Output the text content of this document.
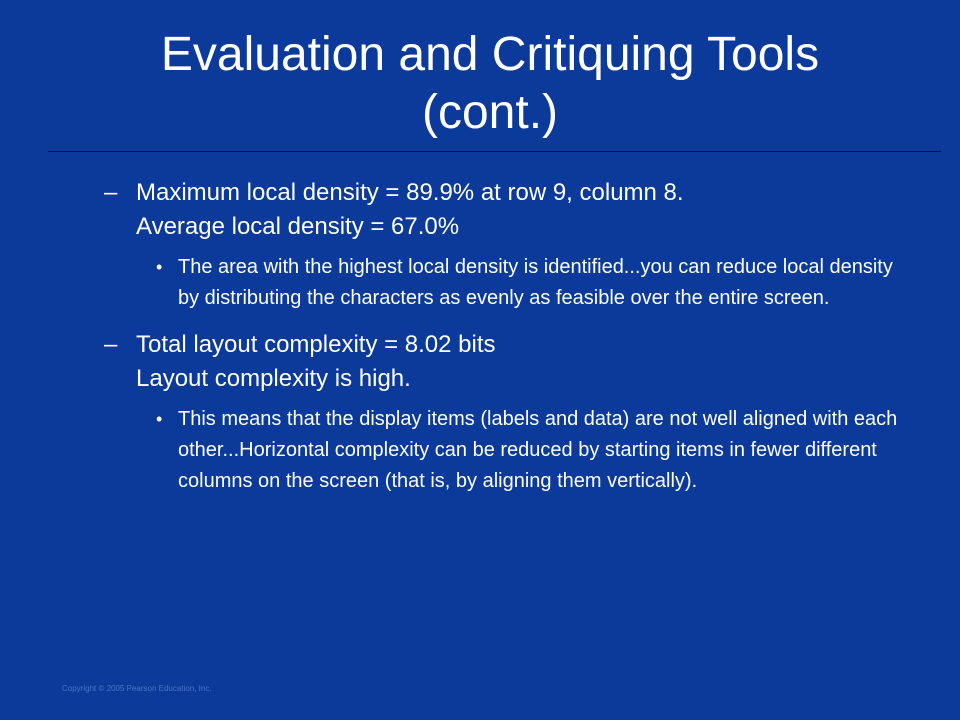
Evaluation and Critiquing Tools
(cont.)
– Maximum local density = 89.9% at row 9, column 8.
Average local density = 67.0%
• The area with the highest local density is identified...you can reduce local density by distributing the characters as evenly as feasible over the entire screen.
– Total layout complexity = 8.02 bits
Layout complexity is high.
• This means that the display items (labels and data) are not well aligned with each other...Horizontal complexity can be reduced by starting items in fewer different columns on the screen (that is, by aligning them vertically).
Copyright © 2005 Pearson Education, Inc.
